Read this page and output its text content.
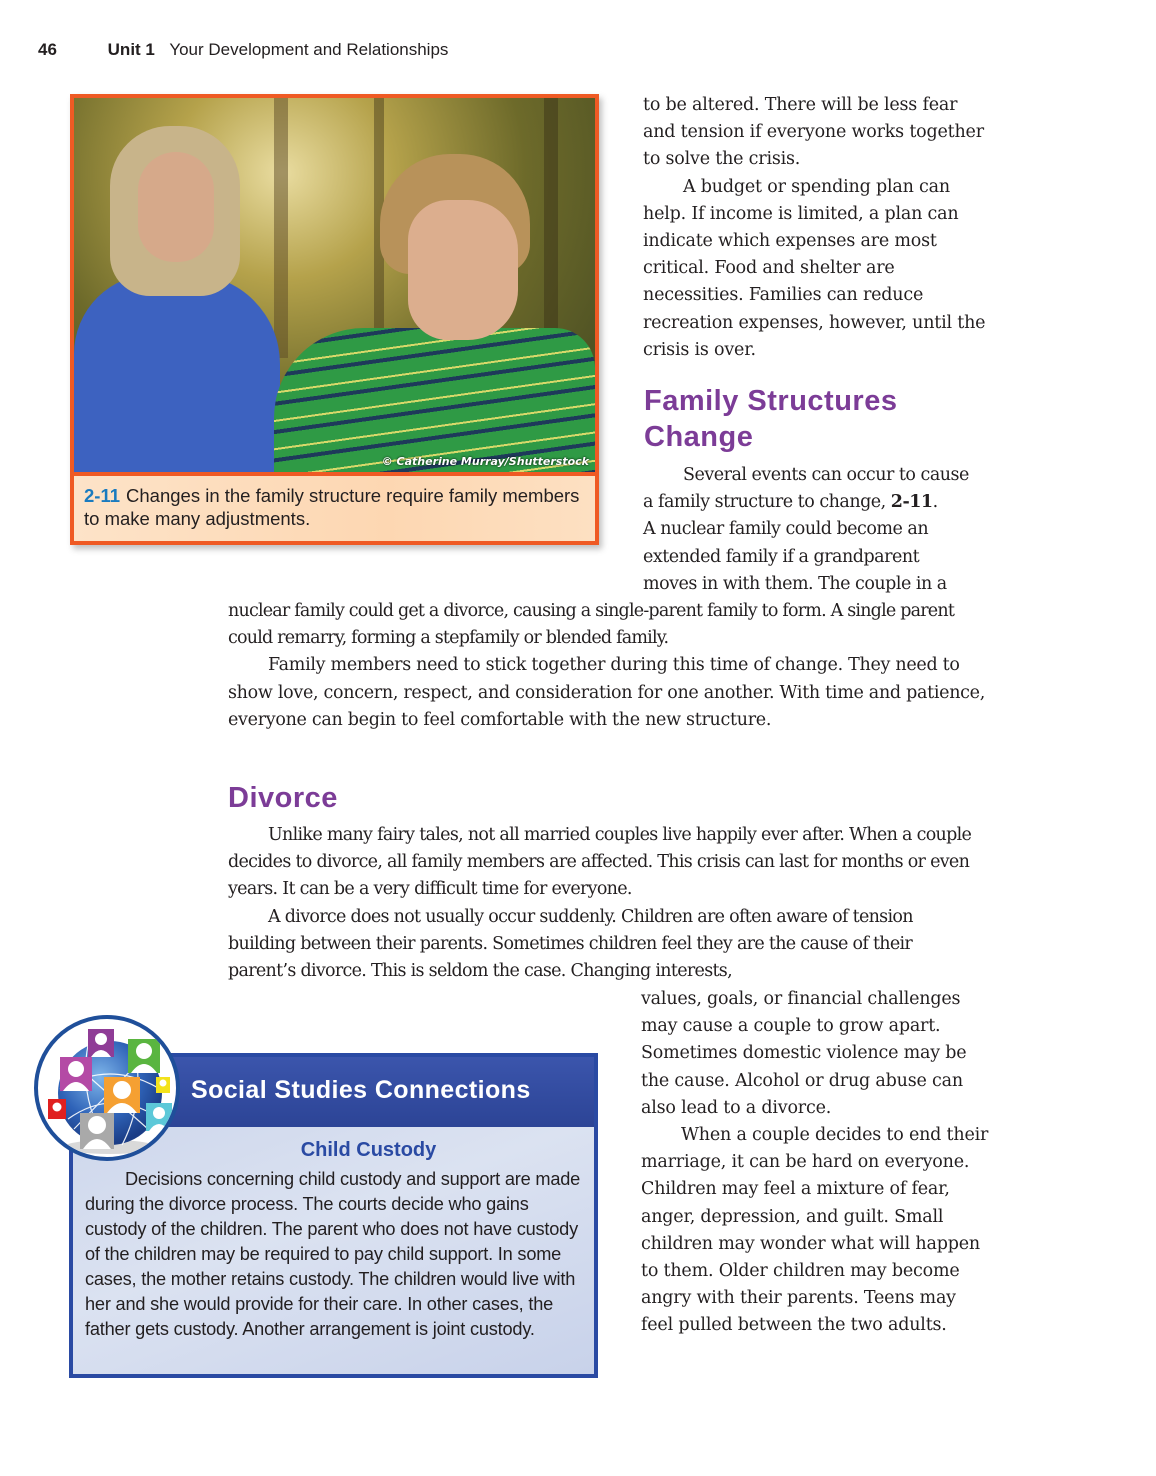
46	Unit 1 Your Development and Relationships
© Catherine Murray/Shutterstock
2-11 Changes in the family structure require family members to make many adjustments.

to be altered. There will be less fear and tension if everyone works together to solve the crisis.

A budget or spending plan can help. If income is limited, a plan can indicate which expenses are most critical. Food and shelter are necessities. Families can reduce recreation expenses, however, until the crisis is over.

Family Structures
Change

Several events can occur to cause

a family structure to change, 2-11.

A nuclear family could become an

extended family if a grandparent

moves in with them. The couple in a

nuclear family could get a divorce, causing a single-parent family to form. A single parent could remarry, forming a stepfamily or blended family.

Family members need to stick together during this time of change. They need to show love, concern, respect, and consideration for one another. With time and patience, everyone can begin to feel comfortable with the new structure.

Divorce

Unlike many fairy tales, not all married couples live happily ever after. When a couple decides to divorce, all family members are affected. This crisis can last for months or even years. It can be a very difficult time for everyone.

A divorce does not usually occur suddenly. Children are often aware of tension building between their parents. Sometimes children feel they are the cause of their parent’s divorce. This is seldom the case. Changing interests,

values, goals, or financial challenges may cause a couple to grow apart. Sometimes domestic violence may be the cause. Alcohol or drug abuse can also lead to a divorce.

When a couple decides to end their marriage, it can be hard on everyone. Children may feel a mixture of fear, anger, depression, and guilt. Small children may wonder what will happen to them. Older children may become angry with their parents. Teens may feel pulled between the two adults.

Social Studies Connections
Child Custody

Decisions concerning child custody and support are made during the divorce process. The courts decide who gains custody of the children. The parent who does not have custody of the children may be required to pay child support. In some cases, the mother retains custody. The children would live with her and she would provide for their care. In other cases, the father gets custody. Another arrangement is joint custody.
